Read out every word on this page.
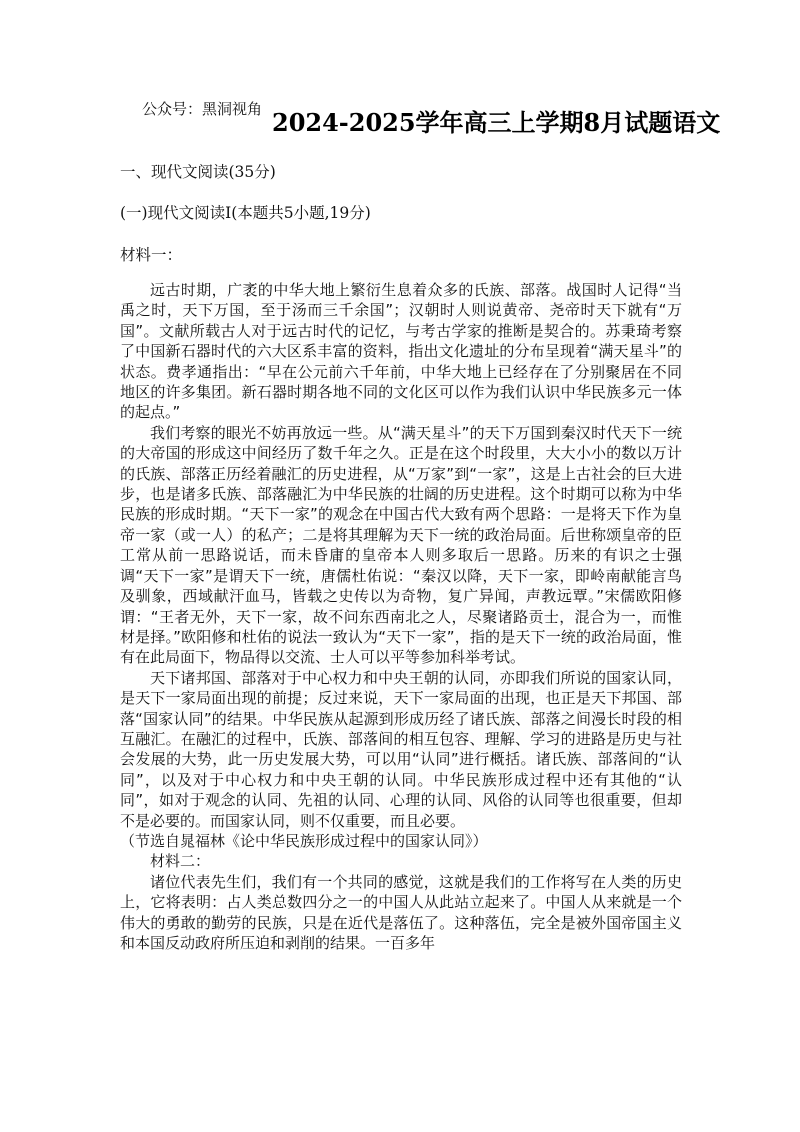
公众号：黑洞视角 2024-2025学年高三上学期8月试题语文
一、现代文阅读(35分)
(一)现代文阅读Ⅰ(本题共5小题,19分)
材料一：

远古时期，广袤的中华大地上繁衍生息着众多的氏族、部落。战国时人记得“当禹之时，天下万国，至于汤而三千余国”；汉朝时人则说黄帝、尧帝时天下就有“万国”。文献所载古人对于远古时代的记忆，与考古学家的推断是契合的。苏秉琦考察了中国新石器时代的六大区系丰富的资料，指出文化遗址的分布呈现着“满天星斗”的状态。费孝通指出：“早在公元前六千年前，中华大地上已经存在了分别聚居在不同地区的许多集团。新石器时期各地不同的文化区可以作为我们认识中华民族多元一体的起点。”

我们考察的眼光不妨再放远一些。从“满天星斗”的天下万国到秦汉时代天下一统的大帝国的形成这中间经历了数千年之久。正是在这个时段里，大大小小的数以万计的氏族、部落正历经着融汇的历史进程，从“万家”到“一家”，这是上古社会的巨大进步，也是诸多氏族、部落融汇为中华民族的壮阔的历史进程。这个时期可以称为中华民族的形成时期。“天下一家”的观念在中国古代大致有两个思路：一是将天下作为皇帝一家（或一人）的私产；二是将其理解为天下一统的政治局面。后世称颂皇帝的臣工常从前一思路说话，而未昏庸的皇帝本人则多取后一思路。历来的有识之士强调“天下一家”是谓天下一统，唐儒杜佑说：“秦汉以降，天下一家，即岭南献能言鸟及驯象，西域献汗血马，皆载之史传以为奇物，复广异闻，声教远覃。”宋儒欧阳修谓：“王者无外，天下一家，故不问东西南北之人，尽聚诸路贡士，混合为一，而惟材是择。”欧阳修和杜佑的说法一致认为“天下一家”，指的是天下一统的政治局面，惟有在此局面下，物品得以交流、士人可以平等参加科举考试。

天下诸邦国、部落对于中心权力和中央王朝的认同，亦即我们所说的国家认同，是天下一家局面出现的前提；反过来说，天下一家局面的出现，也正是天下邦国、部落“国家认同”的结果。中华民族从起源到形成历经了诸氏族、部落之间漫长时段的相互融汇。在融汇的过程中，氏族、部落间的相互包容、理解、学习的进路是历史与社会发展的大势，此一历史发展大势，可以用“认同”进行概括。诸氏族、部落间的“认同”，以及对于中心权力和中央王朝的认同。中华民族形成过程中还有其他的“认同”，如对于观念的认同、先祖的认同、心理的认同、风俗的认同等也很重要，但却不是必要的。而国家认同，则不仅重要，而且必要。

（节选自晁福林《论中华民族形成过程中的国家认同》）

材料二：

诸位代表先生们，我们有一个共同的感觉，这就是我们的工作将写在人类的历史上，它将表明：占人类总数四分之一的中国人从此站立起来了。中国人从来就是一个伟大的勇敢的勤劳的民族，只是在近代是落伍了。这种落伍，完全是被外国帝国主义和本国反动政府所压迫和剥削的结果。一百多年
